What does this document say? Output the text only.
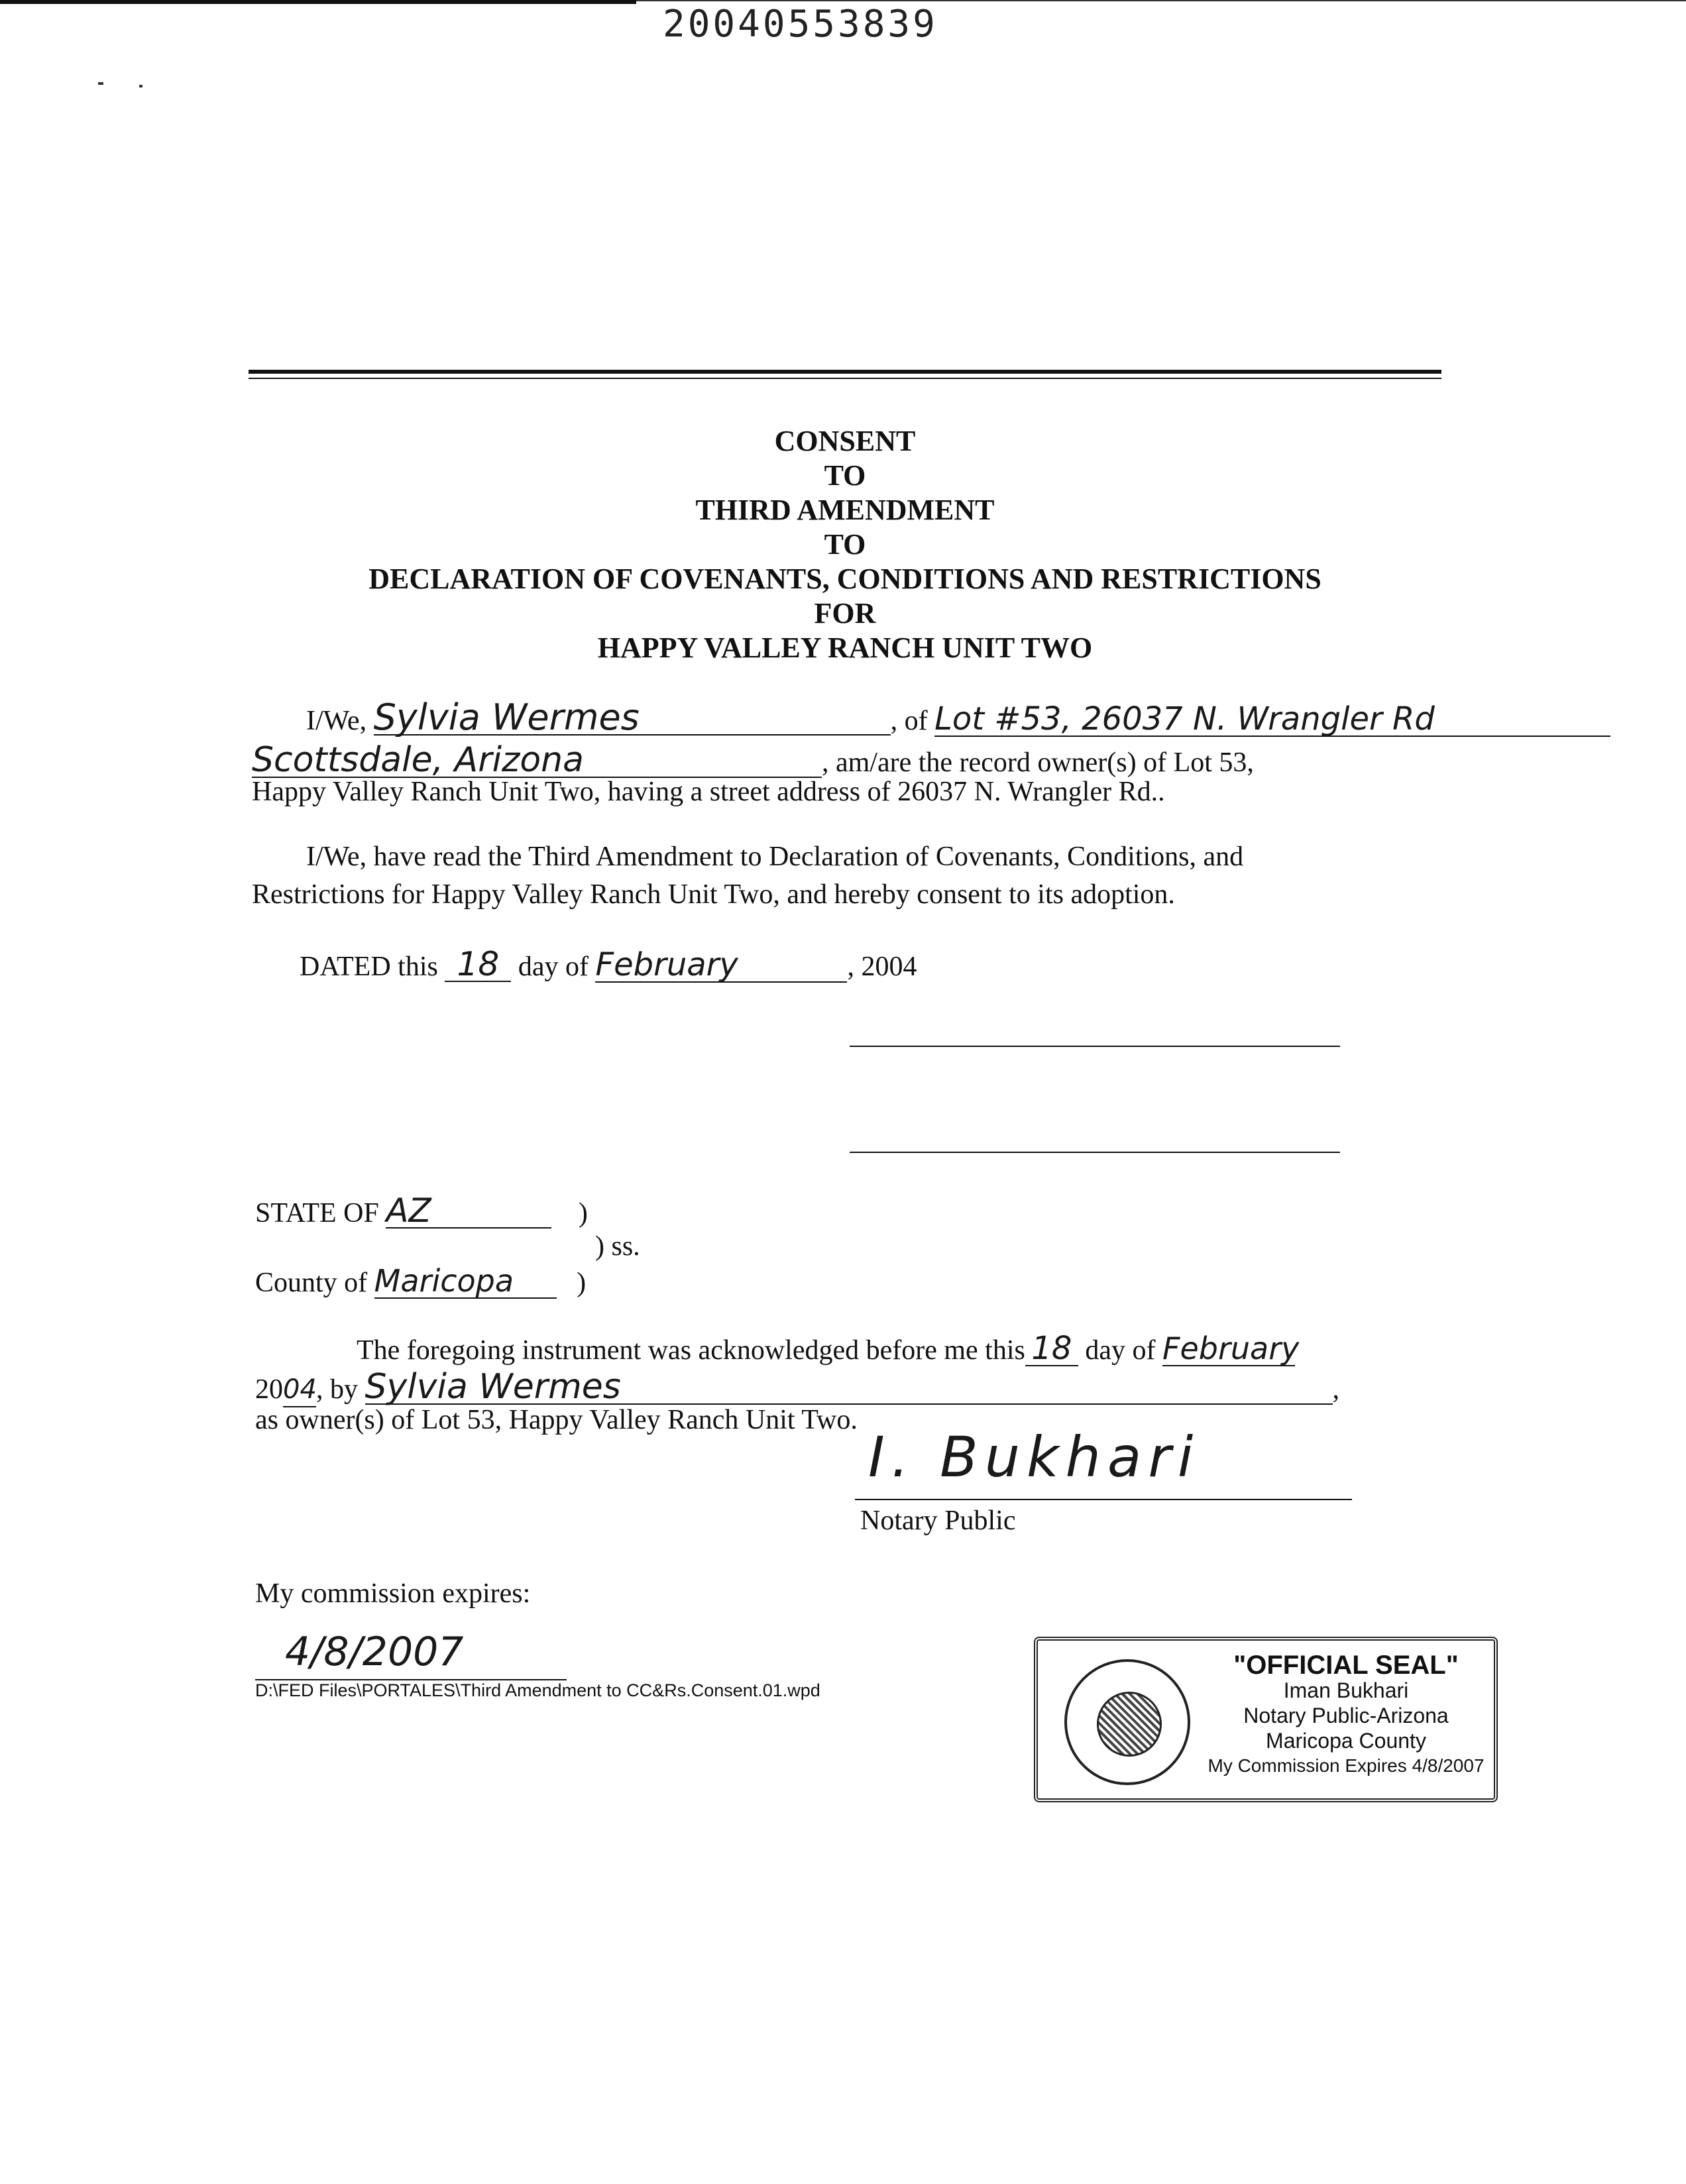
20040553839
CONSENT
TO
THIRD AMENDMENT
TO
DECLARATION OF COVENANTS, CONDITIONS AND RESTRICTIONS
FOR
HAPPY VALLEY RANCH UNIT TWO
I/We, Sylvia Wermes	, of Lot #53, 26037 N. Wrangler Rd
Scottsdale, Arizona	, am/are the record owner(s) of Lot 53,
Happy Valley Ranch Unit Two, having a street address of 26037 N. Wrangler Rd..
I/We, have read the Third Amendment to Declaration of Covenants, Conditions, and
Restrictions for Happy Valley Ranch Unit Two, and hereby consent to its adoption.
DATED this 18 day of February	, 2004
STATE OF AZ	)
) ss.
County of Maricopa )
The foregoing instrument was acknowledged before me this 18 day of February
2004, by Sylvia Wermes	,
as owner(s) of Lot 53, Happy Valley Ranch Unit Two.
I. Bukhari
Notary Public
My commission expires:
4/8/2007
D:\FED Files\PORTALES\Third Amendment to CC&Rs.Consent.01.wpd
"OFFICIAL SEAL"
Iman Bukhari
Notary Public-Arizona
Maricopa County
My Commission Expires 4/8/2007
